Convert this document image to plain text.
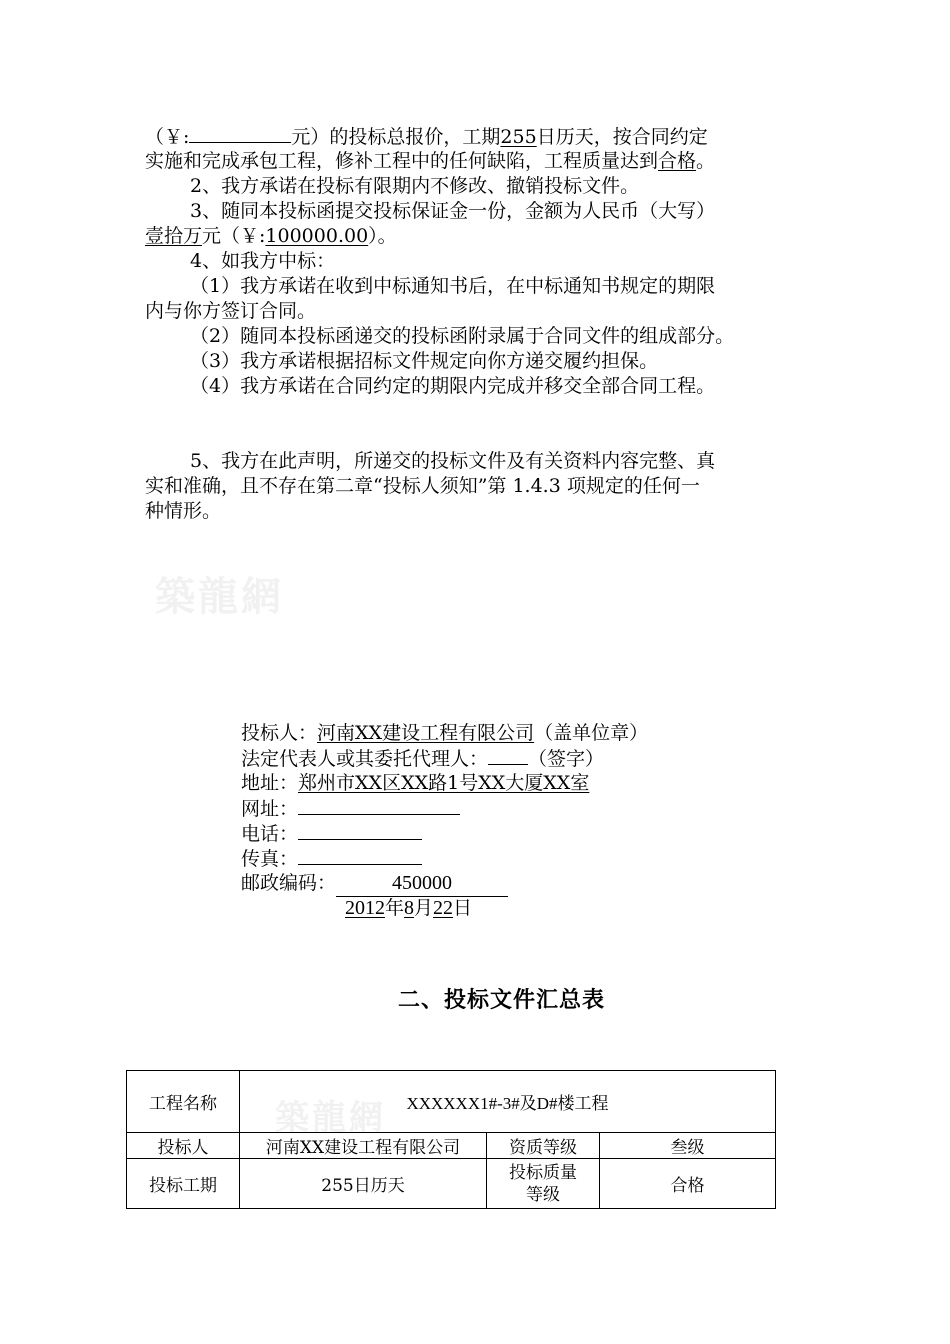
築龍網
築龍網
（￥:	元）的投标总报价，工期255日历天，按合同约定
实施和完成承包工程，修补工程中的任何缺陷，工程质量达到合格。
2、我方承诺在投标有限期内不修改、撤销投标文件。
3、随同本投标函提交投标保证金一份，金额为人民币（大写）
壹拾万元（￥:100000.00）。
4、如我方中标：
（1）我方承诺在收到中标通知书后，在中标通知书规定的期限
内与你方签订合同。
（2）随同本投标函递交的投标函附录属于合同文件的组成部分。
（3）我方承诺根据招标文件规定向你方递交履约担保。
（4）我方承诺在合同约定的期限内完成并移交全部合同工程。
5、我方在此声明，所递交的投标文件及有关资料内容完整、真
实和准确，且不存在第二章“投标人须知”第 1.4.3 项规定的任何一
种情形。
投标人：河南XX建设工程有限公司（盖单位章）
法定代表人或其委托代理人： （签字）
地址：郑州市XX区XX路1号XX大厦XX室
网址：
电话：
传真：
邮政编码：	450000
2012年8月22日
二、投标文件汇总表
工程名称	XXXXXX1#-3#及D#楼工程		
投标人	河南XX建设工程有限公司	资质等级	叁级
投标工期	255日历天	投标质量
等级	合格
